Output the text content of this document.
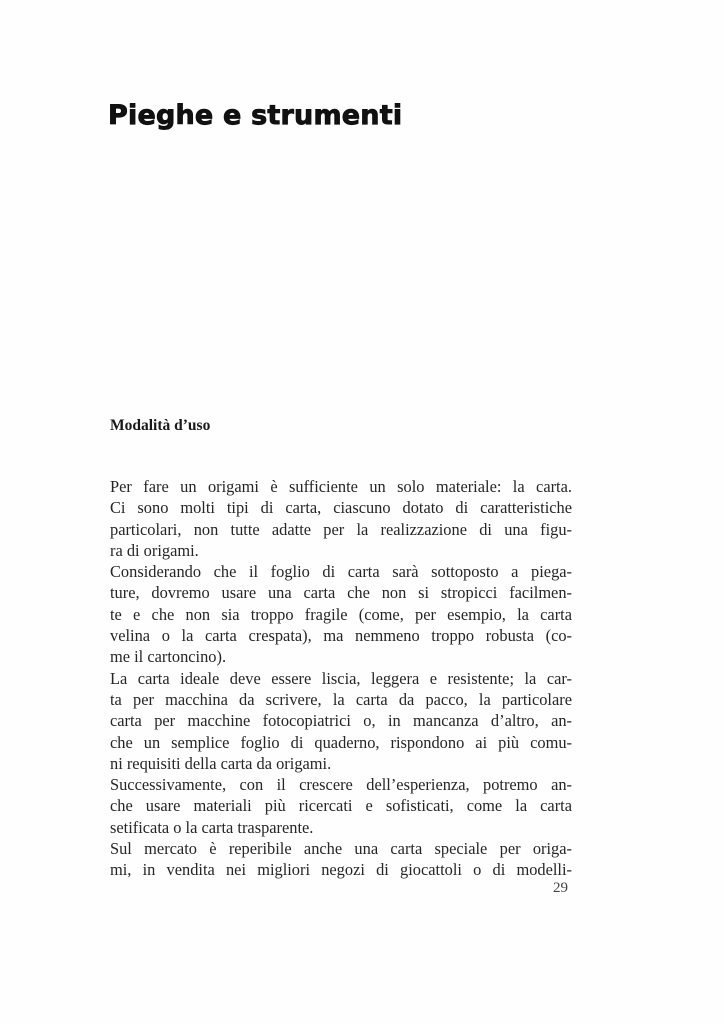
Pieghe e strumenti
Modalità d’uso
Per fare un origami è sufficiente un solo materiale: la carta.
Ci sono molti tipi di carta, ciascuno dotato di caratteristiche
particolari, non tutte adatte per la realizzazione di una figu-
ra di origami.
Considerando che il foglio di carta sarà sottoposto a piega-
ture, dovremo usare una carta che non si stropicci facilmen-
te e che non sia troppo fragile (come, per esempio, la carta
velina o la carta crespata), ma nemmeno troppo robusta (co-
me il cartoncino).
La carta ideale deve essere liscia, leggera e resistente; la car-
ta per macchina da scrivere, la carta da pacco, la particolare
carta per macchine fotocopiatrici o, in mancanza d’altro, an-
che un semplice foglio di quaderno, rispondono ai più comu-
ni requisiti della carta da origami.
Successivamente, con il crescere dell’esperienza, potremo an-
che usare materiali più ricercati e sofisticati, come la carta
setificata o la carta trasparente.
Sul mercato è reperibile anche una carta speciale per origa-
mi, in vendita nei migliori negozi di giocattoli o di modelli-
29
